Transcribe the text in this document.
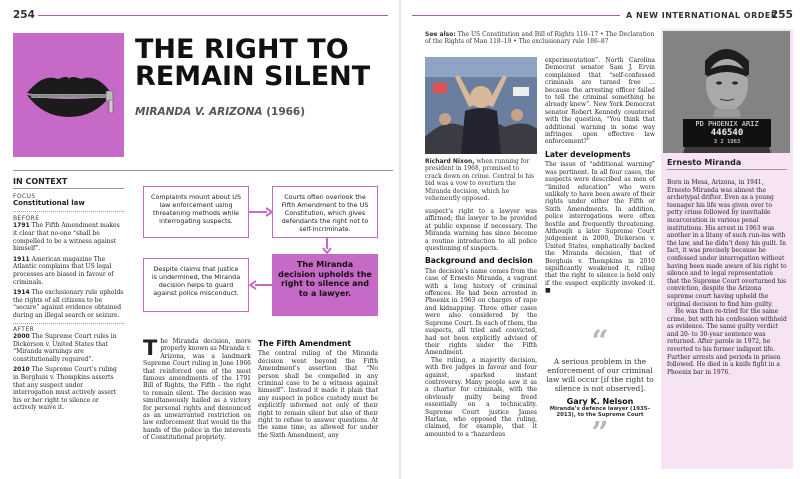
254
THE RIGHT TO
REMAIN SILENT
MIRANDA V. ARIZONA (1966)
IN CONTEXT
FOCUS
Constitutional law
BEFORE
1791 The Fifth Amendment makes it clear that no-one “shall be compelled to be a witness against himself”.
1911 American magazine The Atlantic complains that US legal processes are biased in favour of criminals.
1914 The exclusionary rule upholds the rights of all citizens to be “secure” against evidence obtained during an illegal search or seizure.
AFTER
2000 The Supreme Court rules in Dickerson v. United States that “Miranda warnings are constitutionally required”.
2010 The Supreme Court’s ruling in Berghuis v. Thompkins asserts that any suspect under interrogation must actively assert his or her right to silence or actively waive it.
Complaints mount about US law enforcement using threatening methods while interrogating suspects.
Courts often overlook the Fifth Amendment to the US Constitution, which gives defendants the right not to self-incriminate.
Despite claims that justice is undermined, the Miranda decision helps to guard against police misconduct.
The Miranda decision upholds the right to silence and to a lawyer.
The Miranda decision, more properly known as Miranda v. Arizona, was a landmark Supreme Court ruling in June 1966 that reinforced one of the most famous amendments of the 1791 Bill of Rights, the Fifth – the right to remain silent. The decision was simultaneously hailed as a victory for personal rights and denounced as an unwarranted restriction on law enforcement that would tie the hands of the police in the interests of Constitutional propriety.
The Fifth Amendment
The central ruling of the Miranda decision went beyond the Fifth Amendment’s assertion that “No person shall be compelled in any criminal case to be a witness against himself”. Instead it made it plain that any suspect in police custody must be explicitly informed not only of their right to remain silent but also of their right to refuse to answer questions. At the same time, as allowed for under the Sixth Amendment, any
A NEW INTERNATIONAL ORDER
255
See also: The US Constitution and Bill of Rights 110–17 • The Declaration of the Rights of Man 118–19 • The exclusionary rule 186–87
Richard Nixon, when running for president in 1968, promised to crack down on crime. Central to his bid was a vow to overturn the Miranda decision, which he vehemently opposed.
suspect’s right to a lawyer was affirmed; the lawyer to be provided at public expense if necessary. The Miranda warning has since become a routine introduction to all police questioning of suspects.
Background and decision
The decision’s name comes from the case of Ernesto Miranda, a vagrant with a long history of criminal offences. He had been arrested in Phoenix in 1963 on charges of rape and kidnapping. Three other cases were also considered by the Supreme Court. In each of them, the suspects, all tried and convicted, had not been explicitly advised of their rights under the Fifth Amendment.
The ruling, a majority decision, with five judges in favour and four against, sparked instant controversy. Many people saw it as a charter for criminals, with the obviously guilty being freed essentially on a technicality. Supreme Court justice James Harlan, who opposed the ruling, claimed, for example, that it amounted to a “hazardous
experimentation”. North Carolina Democrat senator Sam J. Ervin complained that “self-confessed criminals are turned free … because the arresting officer failed to tell the criminal something he already knew”. New York Democrat senator Robert Kennedy countered with the question, “You think that additional warning in some way infringes upon effective law enforcement?”
Later developments
The issue of “additional warning” was pertinent. In all four cases, the suspects were described as men of “limited education” who were unlikely to have been aware of their rights under either the Fifth or Sixth Amendments. In addition, police interrogations were often hostile and frequently threatening. Although a later Supreme Court judgement in 2000, Dickerson v. United States, emphatically backed the Miranda decision, that of Berghuis v. Thompkins in 2010 significantly weakened it, ruling that the right to silence is held only if the suspect explicitly invoked it. ■
“
A serious problem in the enforcement of our criminal law will occur [if the right to silence is not observed].
Gary K. Nelson
Miranda’s defence lawyer (1935–2013), to the Supreme Court
”
PD PHOENIX ARIZ
446540
3 2 1963
Ernesto Miranda
Born in Mesa, Arizona, in 1941, Ernesto Miranda was almost the archetypal drifter. Even as a young teenager his life was given over to petty crime followed by inevitable incarceration in various penal institutions. His arrest in 1963 was another in a litany of such run-ins with the law, and he didn’t deny his guilt. In fact, it was precisely because he confessed under interrogation without having been made aware of his right to silence and to legal representation that the Supreme Court overturned his conviction, despite the Arizona supreme court having upheld the original decision to find him guilty.
He was then re-tried for the same crime, but with his confession withheld as evidence. The same guilty verdict and 20- to 30-year sentence was returned. After parole in 1972, he reverted to his former indigent life. Further arrests and periods in prison followed. He died in a knife fight in a Phoenix bar in 1976.
